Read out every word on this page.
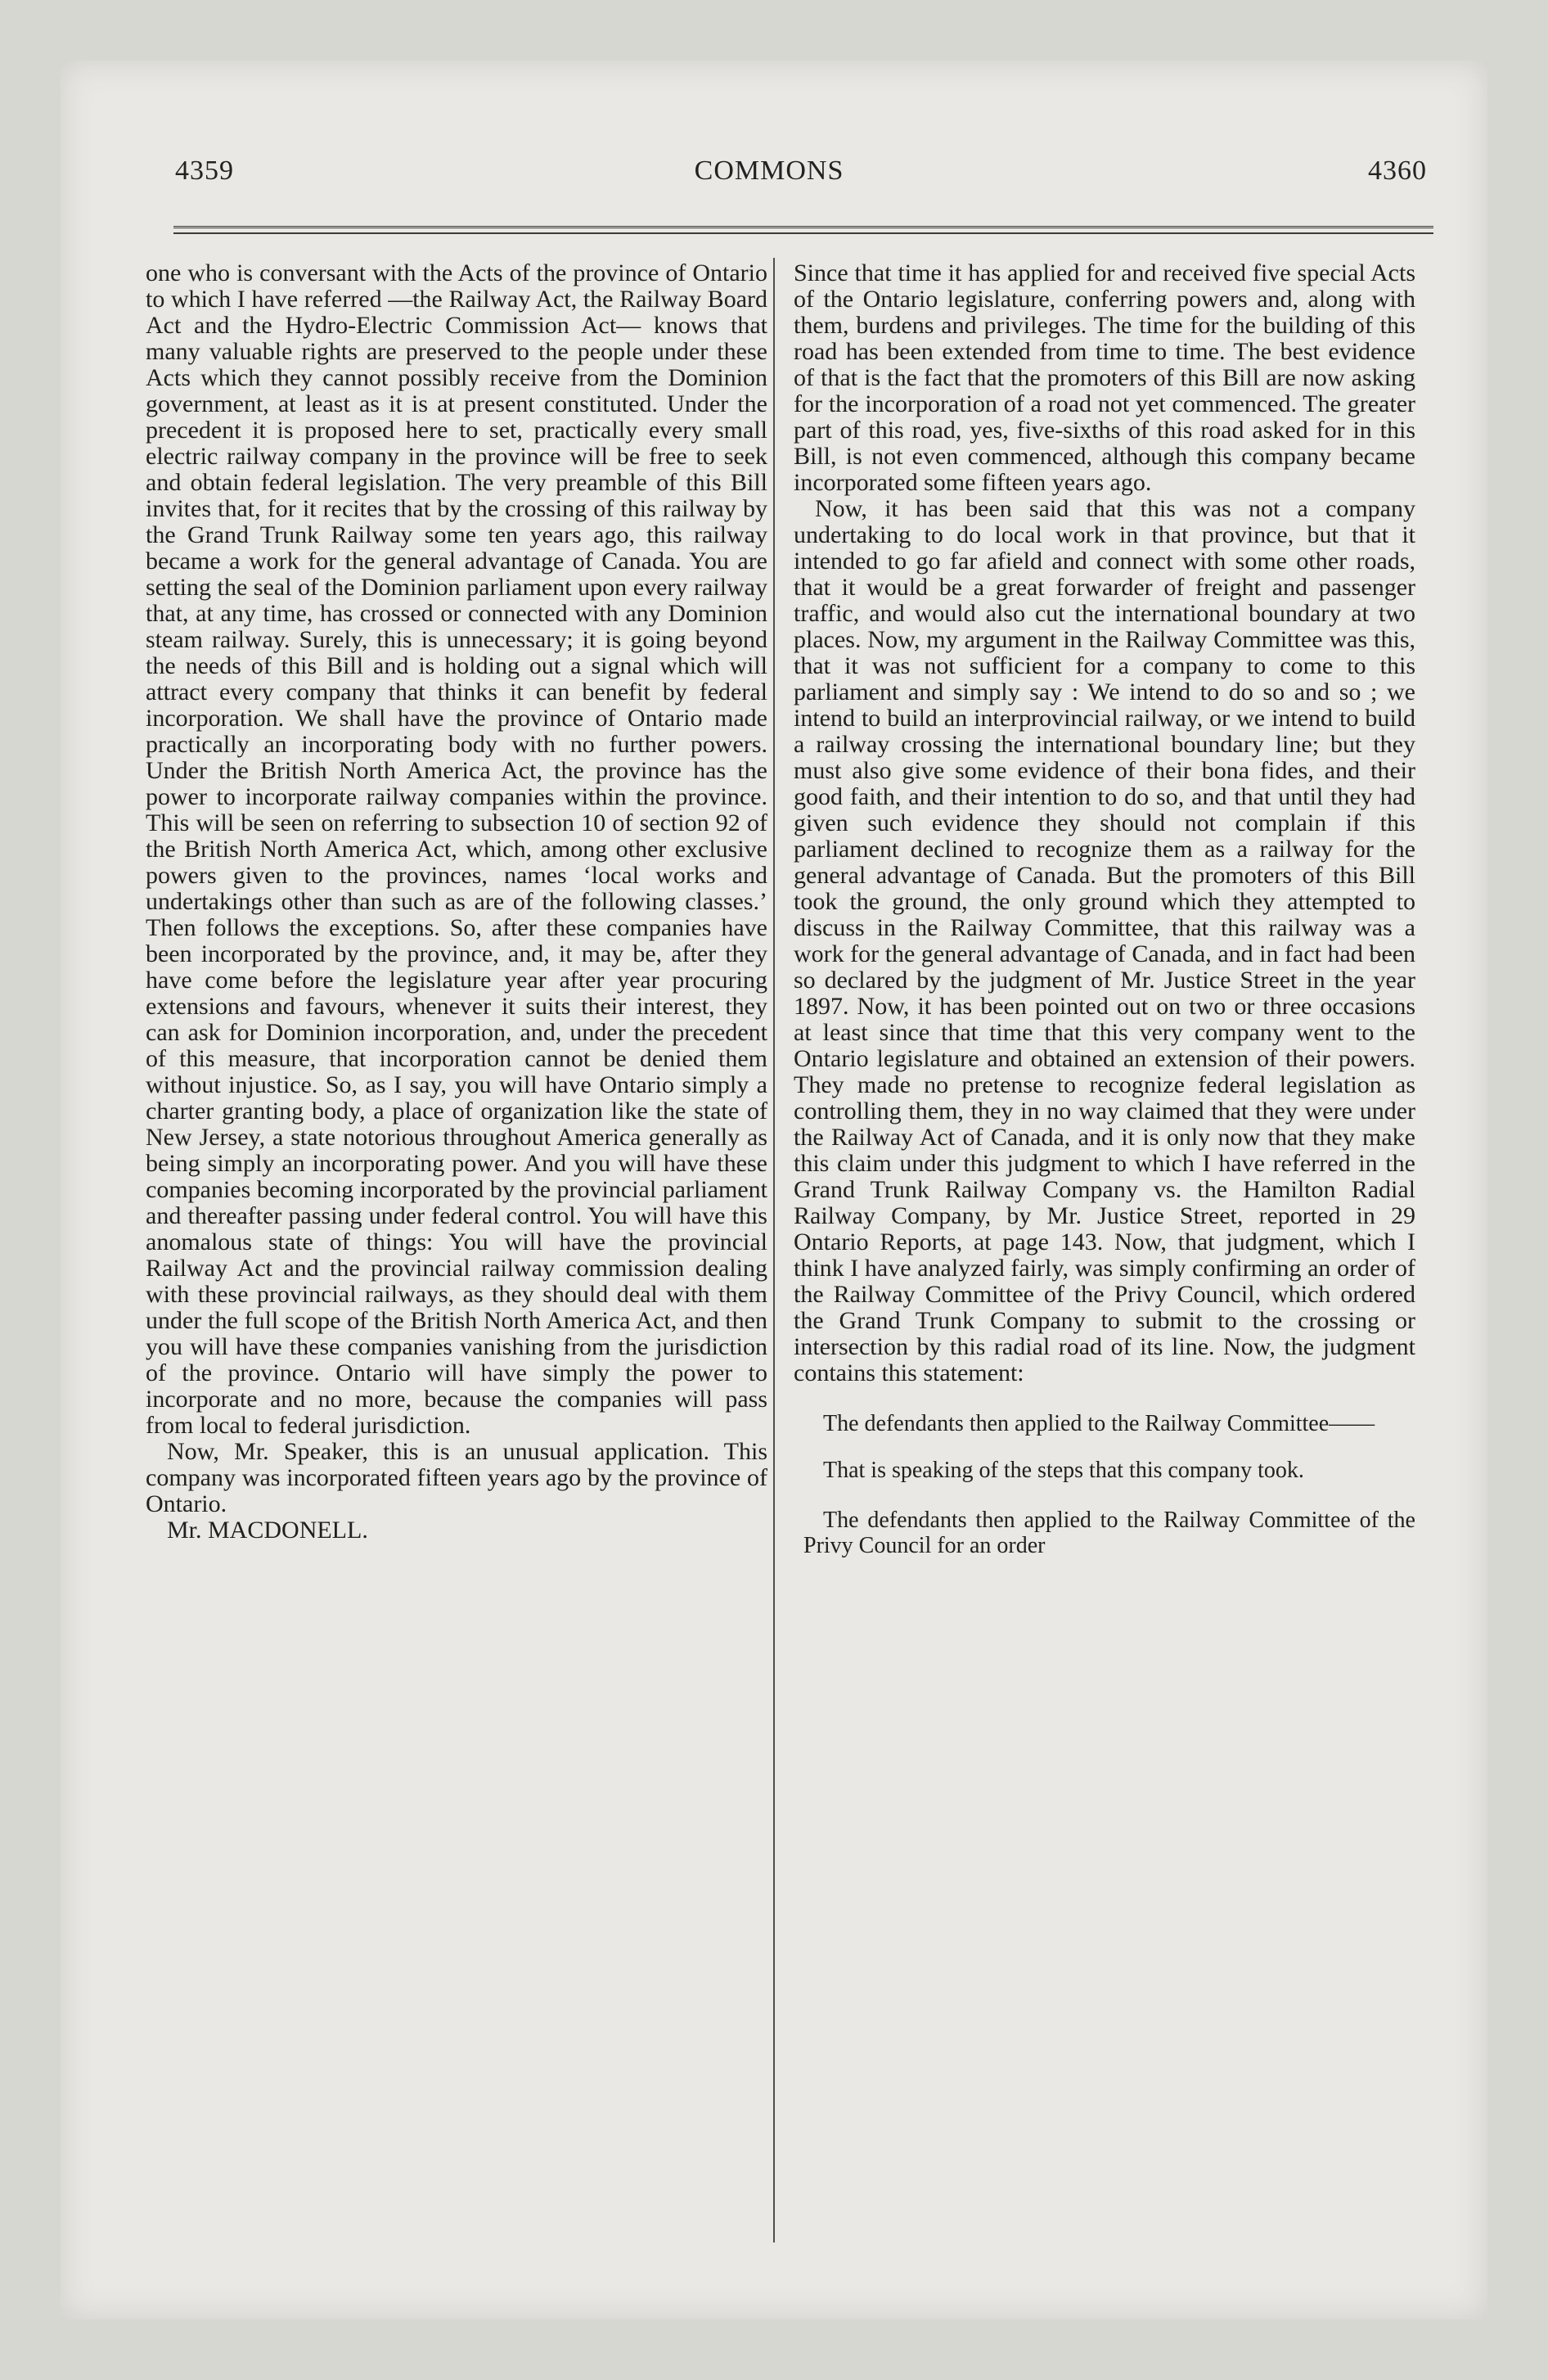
4359	COMMONS	4360

one who is conversant with the Acts of the province of Ontario to which I have referred —the Railway Act, the Railway Board Act and the Hydro-Electric Commission Act— knows that many valuable rights are preserved to the people under these Acts which they cannot possibly receive from the Dominion government, at least as it is at present constituted. Under the precedent it is proposed here to set, practically every small electric railway company in the province will be free to seek and obtain federal legislation. The very preamble of this Bill invites that, for it recites that by the crossing of this railway by the Grand Trunk Railway some ten years ago, this railway became a work for the general advantage of Canada. You are setting the seal of the Dominion parliament upon every railway that, at any time, has crossed or connected with any Dominion steam railway. Surely, this is unnecessary; it is going beyond the needs of this Bill and is holding out a signal which will attract every company that thinks it can benefit by federal incorporation. We shall have the province of Ontario made practically an incorporating body with no further powers. Under the British North America Act, the province has the power to incorporate railway companies within the province. This will be seen on referring to subsection 10 of section 92 of the British North America Act, which, among other exclusive powers given to the provinces, names ‘local works and undertakings other than such as are of the following classes.’ Then follows the exceptions. So, after these companies have been incorporated by the province, and, it may be, after they have come before the legislature year after year procuring extensions and favours, whenever it suits their interest, they can ask for Dominion incorporation, and, under the precedent of this measure, that incorporation cannot be denied them without injustice. So, as I say, you will have Ontario simply a charter granting body, a place of organization like the state of New Jersey, a state notorious throughout America generally as being simply an incorporating power. And you will have these companies becoming incorporated by the provincial parliament and thereafter passing under federal control. You will have this anomalous state of things: You will have the provincial Railway Act and the provincial railway commission dealing with these provincial railways, as they should deal with them under the full scope of the British North America Act, and then you will have these companies vanishing from the jurisdiction of the province. Ontario will have simply the power to incorporate and no more, because the companies will pass from local to federal jurisdiction.

Now, Mr. Speaker, this is an unusual application. This company was incorporated fifteen years ago by the province of Ontario.

Mr. MACDONELL.

Since that time it has applied for and received five special Acts of the Ontario legislature, conferring powers and, along with them, burdens and privileges. The time for the building of this road has been extended from time to time. The best evidence of that is the fact that the promoters of this Bill are now asking for the incorporation of a road not yet commenced. The greater part of this road, yes, five-sixths of this road asked for in this Bill, is not even commenced, although this company became incorporated some fifteen years ago.

Now, it has been said that this was not a company undertaking to do local work in that province, but that it intended to go far afield and connect with some other roads, that it would be a great forwarder of freight and passenger traffic, and would also cut the international boundary at two places. Now, my argument in the Railway Committee was this, that it was not sufficient for a company to come to this parliament and simply say : We intend to do so and so ; we intend to build an interprovincial railway, or we intend to build a railway crossing the international boundary line; but they must also give some evidence of their bona fides, and their good faith, and their intention to do so, and that until they had given such evidence they should not complain if this parliament declined to recognize them as a railway for the general advantage of Canada. But the promoters of this Bill took the ground, the only ground which they attempted to discuss in the Railway Committee, that this railway was a work for the general advantage of Canada, and in fact had been so declared by the judgment of Mr. Justice Street in the year 1897. Now, it has been pointed out on two or three occasions at least since that time that this very company went to the Ontario legislature and obtained an extension of their powers. They made no pretense to recognize federal legislation as controlling them, they in no way claimed that they were under the Railway Act of Canada, and it is only now that they make this claim under this judgment to which I have referred in the Grand Trunk Railway Company vs. the Hamilton Radial Railway Company, by Mr. Justice Street, reported in 29 Ontario Reports, at page 143. Now, that judgment, which I think I have analyzed fairly, was simply confirming an order of the Railway Committee of the Privy Council, which ordered the Grand Trunk Company to submit to the crossing or intersection by this radial road of its line. Now, the judgment contains this statement:

The defendants then applied to the Railway Committee——

That is speaking of the steps that this company took.

The defendants then applied to the Railway Committee of the Privy Council for an order
